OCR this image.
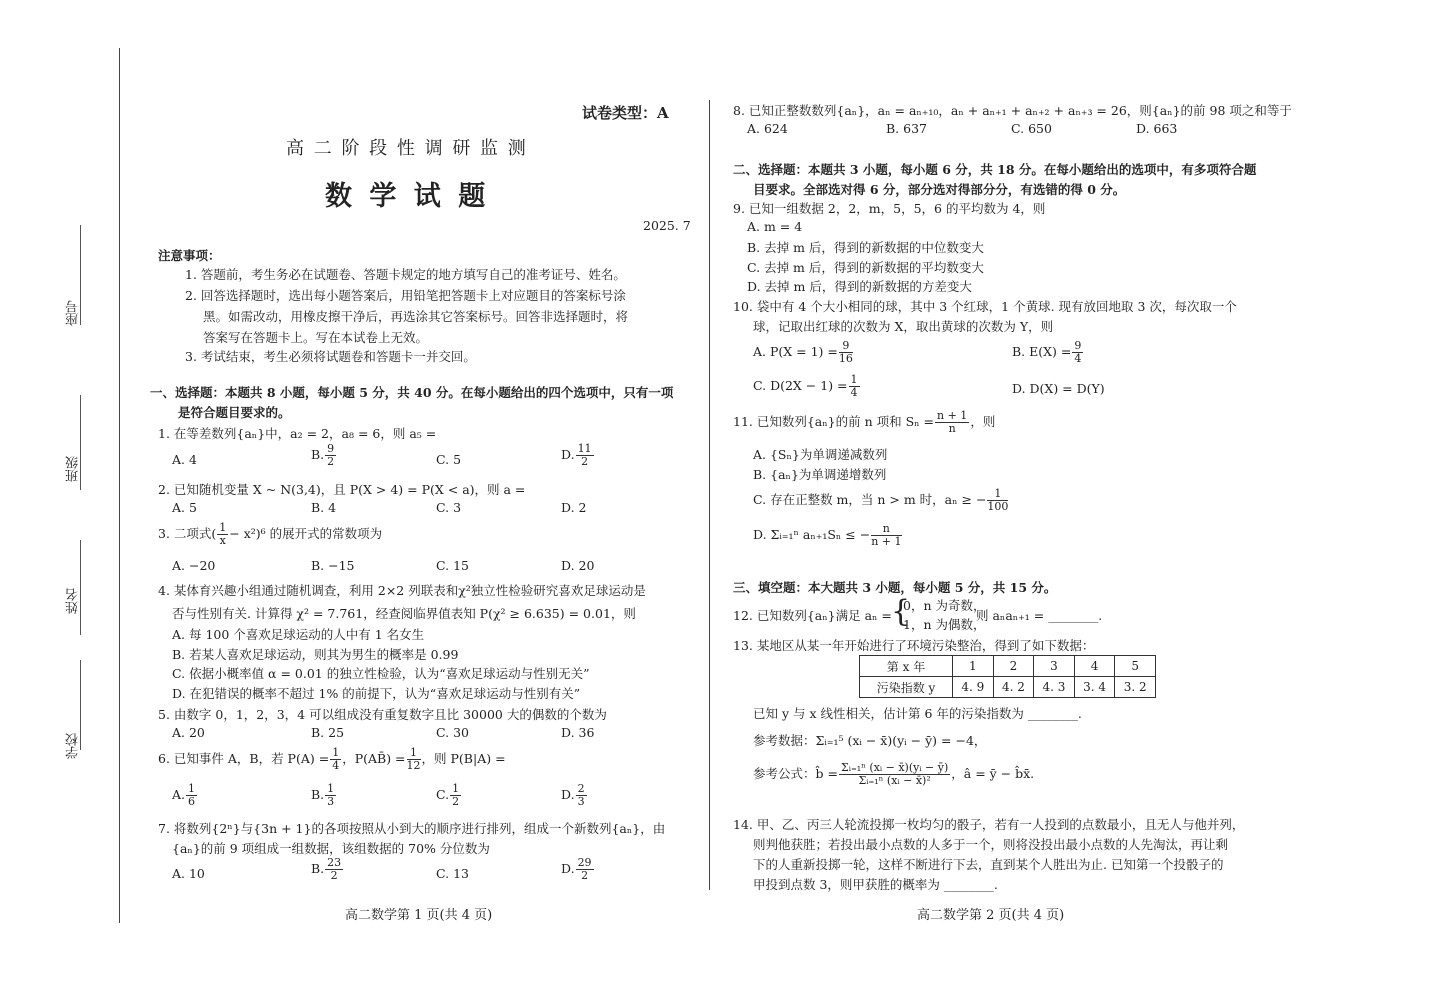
座号
班级
姓名
学校
试卷类型：A
高 二 阶 段 性 调 研 监 测
数 学 试 题
2025. 7
注意事项：
1. 答题前，考生务必在试题卷、答题卡规定的地方填写自己的准考证号、姓名。
2. 回答选择题时，选出每小题答案后，用铅笔把答题卡上对应题目的答案标号涂
黑。如需改动，用橡皮擦干净后，再选涂其它答案标号。回答非选择题时，将
答案写在答题卡上。写在本试卷上无效。
3. 考试结束，考生必须将试题卷和答题卡一并交回。
一、选择题：本题共 8 小题，每小题 5 分，共 40 分。在每小题给出的四个选项中，只有一项
是符合题目要求的。
1. 在等差数列{aₙ}中，a₂ = 2，a₈ = 6，则 a₅ =
A. 4	B. $\frac{9}{2}$	C. 5	D. $\frac{11}{2}$
2. 已知随机变量 X ~ N(3,4)，且 P(X > 4) = P(X < a)，则 a =
A. 5	B. 4	C. 3	D. 2
3. 二项式( $\frac{1}{x} - x^2)^6$ 的展开式的常数项为
A. −20	B. −15	C. 15	D. 20
4. 某体育兴趣小组通过随机调查，利用 2×2 列联表和χ²独立性检验研究喜欢足球运动是
否与性别有关. 计算得 χ² = 7.761，经查阅临界值表知 P(χ² ≥ 6.635) = 0.01，则
A. 每 100 个喜欢足球运动的人中有 1 名女生
B. 若某人喜欢足球运动，则其为男生的概率是 0.99
C. 依据小概率值 α = 0.01 的独立性检验，认为“喜欢足球运动与性别无关”
D. 在犯错误的概率不超过 1% 的前提下，认为“喜欢足球运动与性别有关”
5. 由数字 0，1，2，3，4 可以组成没有重复数字且比 30000 大的偶数的个数为
A. 20	B. 25	C. 30	D. 36
6. 已知事件 A，B，若 $P(A) = \frac{1}{4}$ ，P(AB̄) = $\frac{1}{12}$ ，则 P(B|A) =
A. $\frac{1}{6}$	B. $\frac{1}{3}$	C. $\frac{1}{2}$	D. $\frac{2}{3}$
7. 将数列{2ⁿ}与{3n + 1}的各项按照从小到大的顺序进行排列，组成一个新数列{aₙ}，由
{aₙ}的前 9 项组成一组数据，该组数据的 70% 分位数为
A. 10	B. $\frac{23}{2}$	C. 13	D. $\frac{29}{2}$
高二数学第 1 页(共 4 页)
8. 已知正整数数列{aₙ}，aₙ = aₙ₊₁₀，aₙ + aₙ₊₁ + aₙ₊₂ + aₙ₊₃ = 26，则{aₙ}的前 98 项之和等于
A. 624	B. 637	C. 650	D. 663
二、选择题：本题共 3 小题，每小题 6 分，共 18 分。在每小题给出的选项中，有多项符合题
目要求。全部选对得 6 分，部分选对得部分分，有选错的得 0 分。
9. 已知一组数据 2，2，m，5，5，6 的平均数为 4，则
A. m = 4
B. 去掉 m 后，得到的新数据的中位数变大
C. 去掉 m 后，得到的新数据的平均数变大
D. 去掉 m 后，得到的新数据的方差变大
10. 袋中有 4 个大小相同的球，其中 3 个红球，1 个黄球. 现有放回地取 3 次，每次取一个
球，记取出红球的次数为 X，取出黄球的次数为 Y，则
A. $P(X = 1) = \frac{9}{16}$	B. $E(X) = \frac{9}{4}$
C. $D(2X - 1) = \frac{1}{4}$	D. D(X) = D(Y)
11. 已知数列{aₙ}的前 n 项和 $S_n = \frac{n + 1}{n}$ ，则
A. {Sₙ}为单调递减数列
B. {aₙ}为单调递增数列
C. 存在正整数 m，当 n > m 时，aₙ ≥ − $\frac{1}{100}$
D. Σᵢ₌₁ⁿ aₙ₊₁Sₙ ≤ − $\frac{n}{n + 1}$
三、填空题：本大题共 3 小题，每小题 5 分，共 15 分。
12. 已知数列{aₙ}满足 aₙ = {
0，n 为奇数，
1，n 为偶数，
则 aₙaₙ₊₁ = ________.
13. 某地区从某一年开始进行了环境污染整治，得到了如下数据：
第 x 年	1	2	3	4	5
污染指数 y	4. 9	4. 2	4. 3	3. 4	3. 2
已知 y 与 x 线性相关，估计第 6 年的污染指数为 ________.
参考数据：Σᵢ₌₁⁵ (xᵢ − x̄)(yᵢ − ȳ) = −4，
参考公式：b̂ = $\frac{\text{Σᵢ₌₁ⁿ (xᵢ − x̄)(yᵢ − ȳ)}}{\text{Σᵢ₌₁ⁿ (xᵢ − x̄)²}}$ ，â = ȳ − b̂x̄.
14. 甲、乙、丙三人轮流投掷一枚均匀的骰子，若有一人投到的点数最小，且无人与他并列，
则判他获胜；若投出最小点数的人多于一个，则将没投出最小点数的人先淘汰，再让剩
下的人重新投掷一轮，这样不断进行下去，直到某个人胜出为止. 已知第一个投骰子的
甲投到点数 3，则甲获胜的概率为 ________.
高二数学第 2 页(共 4 页)
